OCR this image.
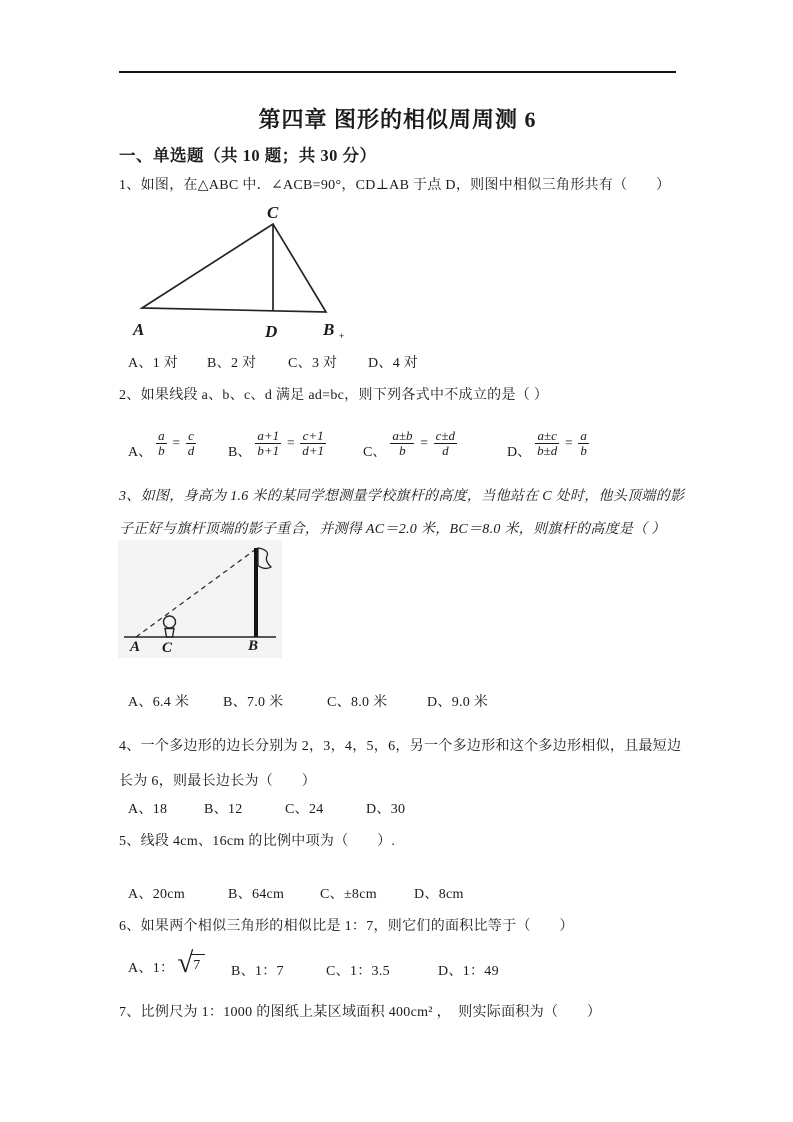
第四章 图形的相似周周测 6
一、单选题（共 10 题；共 30 分）
1、如图，在△ABC 中．∠ACB=90°，CD⊥AB 于点 D，则图中相似三角形共有（　　）
C
A	D	B +
A、1 对 B、2 对 C、3 对 D、4 对
2、如果线段 a、b、c、d 满足 ad=bc，则下列各式中不成立的是（ ）
A、 $\frac{a}{b} = \frac{c}{d}$ B、 $\frac{a+1}{b+1} = \frac{c+1}{d+1}$	C、 $\frac{a\pm b}{b} = \frac{c\pm d}{d}$	D、 $\frac{a\pm c}{b\pm d} = \frac{a}{b}$
3、如图，身高为 1.6 米的某同学想测量学校旗杆的高度，当他站在 C 处时，他头顶端的影
子正好与旗杆顶端的影子重合，并测得 AC＝2.0 米，BC＝8.0 米，则旗杆的高度是（ ）
A C	B
A、6.4 米 B、7.0 米	C、8.0 米	D、9.0 米
4、一个多边形的边长分别为 2，3，4，5，6，另一个多边形和这个多边形相似，且最短边
长为 6，则最长边长为（　　）
A、18	B、12	C、24	D、30
5、线段 4cm、16cm 的比例中项为（　　）.
A、20cm	B、64cm	C、±8cm	D、8cm
6、如果两个相似三角形的相似比是 1：7，则它们的面积比等于（　　）
A、1： √ 7	B、1：7	C、1：3.5	D、1：49
7、比例尺为 1：1000 的图纸上某区域面积 400cm² ，　则实际面积为（　　）
